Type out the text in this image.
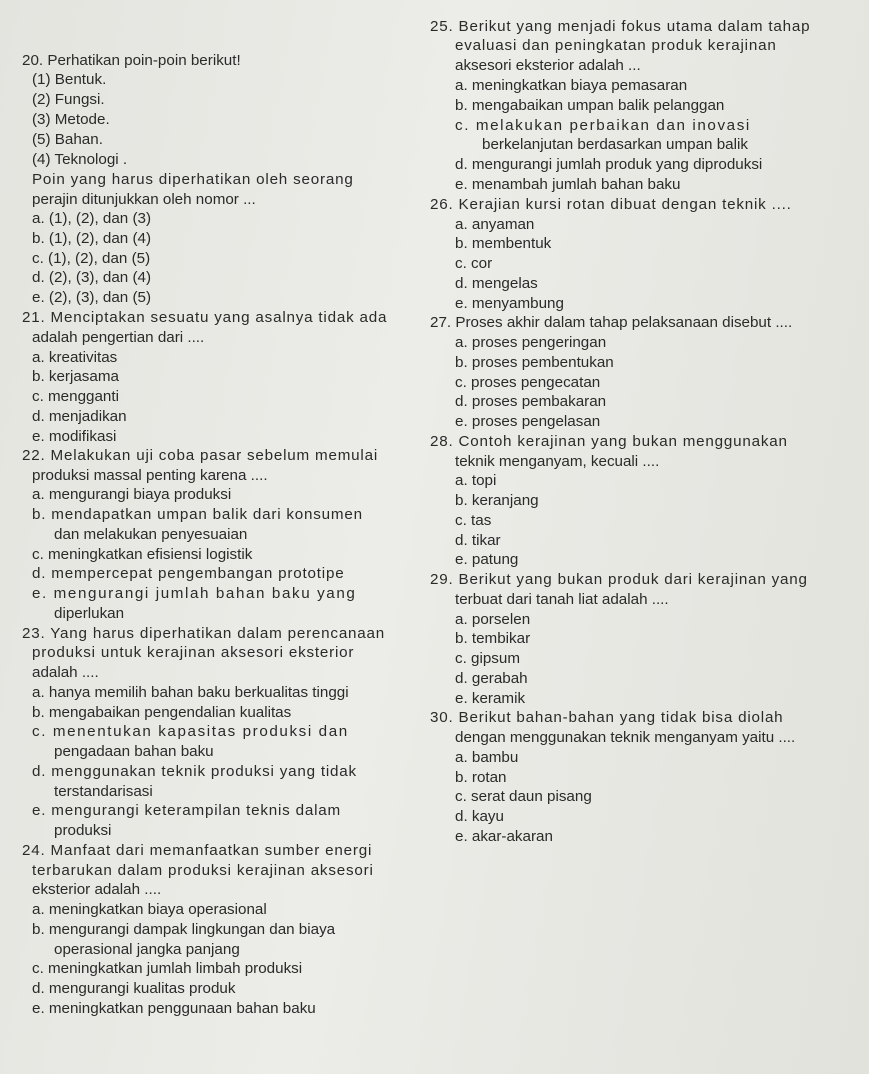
20. Perhatikan poin-poin berikut!
(1) Bentuk.
(2) Fungsi.
(3) Metode.
(5) Bahan.
(4) Teknologi .
Poin yang harus diperhatikan oleh seorang
perajin ditunjukkan oleh nomor ...
a. (1), (2), dan (3)
b. (1), (2), dan (4)
c. (1), (2), dan (5)
d. (2), (3), dan (4)
e. (2), (3), dan (5)
21. Menciptakan sesuatu yang asalnya tidak ada
adalah pengertian dari ....
a. kreativitas
b. kerjasama
c. mengganti
d. menjadikan
e. modifikasi
22. Melakukan uji coba pasar sebelum memulai
produksi massal penting karena ....
a. mengurangi biaya produksi
b. mendapatkan umpan balik dari konsumen
dan melakukan penyesuaian
c. meningkatkan efisiensi logistik
d. mempercepat pengembangan prototipe
e. mengurangi jumlah bahan baku yang
diperlukan
23. Yang harus diperhatikan dalam perencanaan
produksi untuk kerajinan aksesori eksterior
adalah ....
a. hanya memilih bahan baku berkualitas tinggi
b. mengabaikan pengendalian kualitas
c. menentukan kapasitas produksi dan
pengadaan bahan baku
d. menggunakan teknik produksi yang tidak
terstandarisasi
e. mengurangi keterampilan teknis dalam
produksi
24. Manfaat dari memanfaatkan sumber energi
terbarukan dalam produksi kerajinan aksesori
eksterior adalah ....
a. meningkatkan biaya operasional
b. mengurangi dampak lingkungan dan biaya
operasional jangka panjang
c. meningkatkan jumlah limbah produksi
d. mengurangi kualitas produk
e. meningkatkan penggunaan bahan baku
25. Berikut yang menjadi fokus utama dalam tahap
evaluasi dan peningkatan produk kerajinan
aksesori eksterior adalah ...
a. meningkatkan biaya pemasaran
b. mengabaikan umpan balik pelanggan
c. melakukan perbaikan dan inovasi
berkelanjutan berdasarkan umpan balik
d. mengurangi jumlah produk yang diproduksi
e. menambah jumlah bahan baku
26. Kerajian kursi rotan dibuat dengan teknik ....
a. anyaman
b. membentuk
c. cor
d. mengelas
e. menyambung
27. Proses akhir dalam tahap pelaksanaan disebut ....
a. proses pengeringan
b. proses pembentukan
c. proses pengecatan
d. proses pembakaran
e. proses pengelasan
28. Contoh kerajinan yang bukan menggunakan
teknik menganyam, kecuali ....
a. topi
b. keranjang
c. tas
d. tikar
e. patung
29. Berikut yang bukan produk dari kerajinan yang
terbuat dari tanah liat adalah ....
a. porselen
b. tembikar
c. gipsum
d. gerabah
e. keramik
30. Berikut bahan-bahan yang tidak bisa diolah
dengan menggunakan teknik menganyam yaitu ....
a. bambu
b. rotan
c. serat daun pisang
d. kayu
e. akar-akaran
